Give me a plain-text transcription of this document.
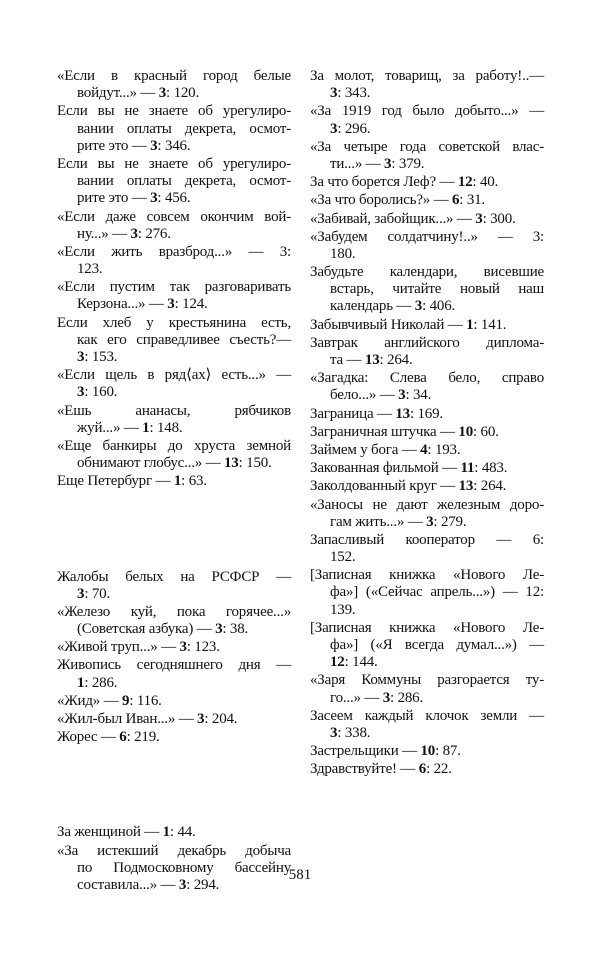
«Если в красный город белые
войдут...» — 3: 120.
Если вы не знаете об урегулиро-
вании оплаты декрета, осмот-
рите это — 3: 346.
Если вы не знаете об урегулиро-
вании оплаты декрета, осмот-
рите это — 3: 456.
«Если даже совсем окончим вой-
ну...» — 3: 276.
«Если жить вразброд...» — 3:
123.
«Если пустим так разговаривать
Керзона...» — 3: 124.
Если хлеб у крестьянина есть,
как его справедливее съесть?—
3: 153.
«Если щель в ряд⟨ах⟩ есть...» —
3: 160.
«Ешь ананасы, рябчиков
жуй...» — 1: 148.
«Еще банкиры до хруста земной
обнимают глобус...» — 13: 150.
Еще Петербург — 1: 63.
Жалобы белых на РСФСР —
3: 70.
«Железо куй, пока горячее...»
(Советская азбука) — 3: 38.
«Живой труп...» — 3: 123.
Живопись сегодняшнего дня —
1: 286.
«Жид» — 9: 116.
«Жил-был Иван...» — 3: 204.
Жорес — 6: 219.
За женщиной — 1: 44.
«За истекший декабрь добыча
по Подмосковному бассейну
составила...» — 3: 294.
За молот, товарищ, за работу!..—
3: 343.
«За 1919 год было добыто...» —
3: 296.
«За четыре года советской влас-
ти...» — 3: 379.
За что борется Леф? — 12: 40.
«За что боролись?» — 6: 31.
«Забивай, забойщик...» — 3: 300.
«Забудем солдатчину!..» — 3:
180.
Забудьте календари, висевшие
встарь, читайте новый наш
календарь — 3: 406.
Забывчивый Николай — 1: 141.
Завтрак английского диплома-
та — 13: 264.
«Загадка: Слева бело, справо
бело...» — 3: 34.
Заграница — 13: 169.
Заграничная штучка — 10: 60.
Займем у бога — 4: 193.
Закованная фильмой — 11: 483.
Заколдованный круг — 13: 264.
«Заносы не дают железным доро-
гам жить...» — 3: 279.
Запасливый кооператор — 6:
152.
[Записная книжка «Нового Ле-
фа»] («Сейчас апрель...») — 12:
139.
[Записная книжка «Нового Ле-
фа»] («Я всегда думал...») —
12: 144.
«Заря Коммуны разгорается ту-
го...» — 3: 286.
Засеем каждый клочок земли —
3: 338.
Застрельщики — 10: 87.
Здравствуйте! — 6: 22.
581
